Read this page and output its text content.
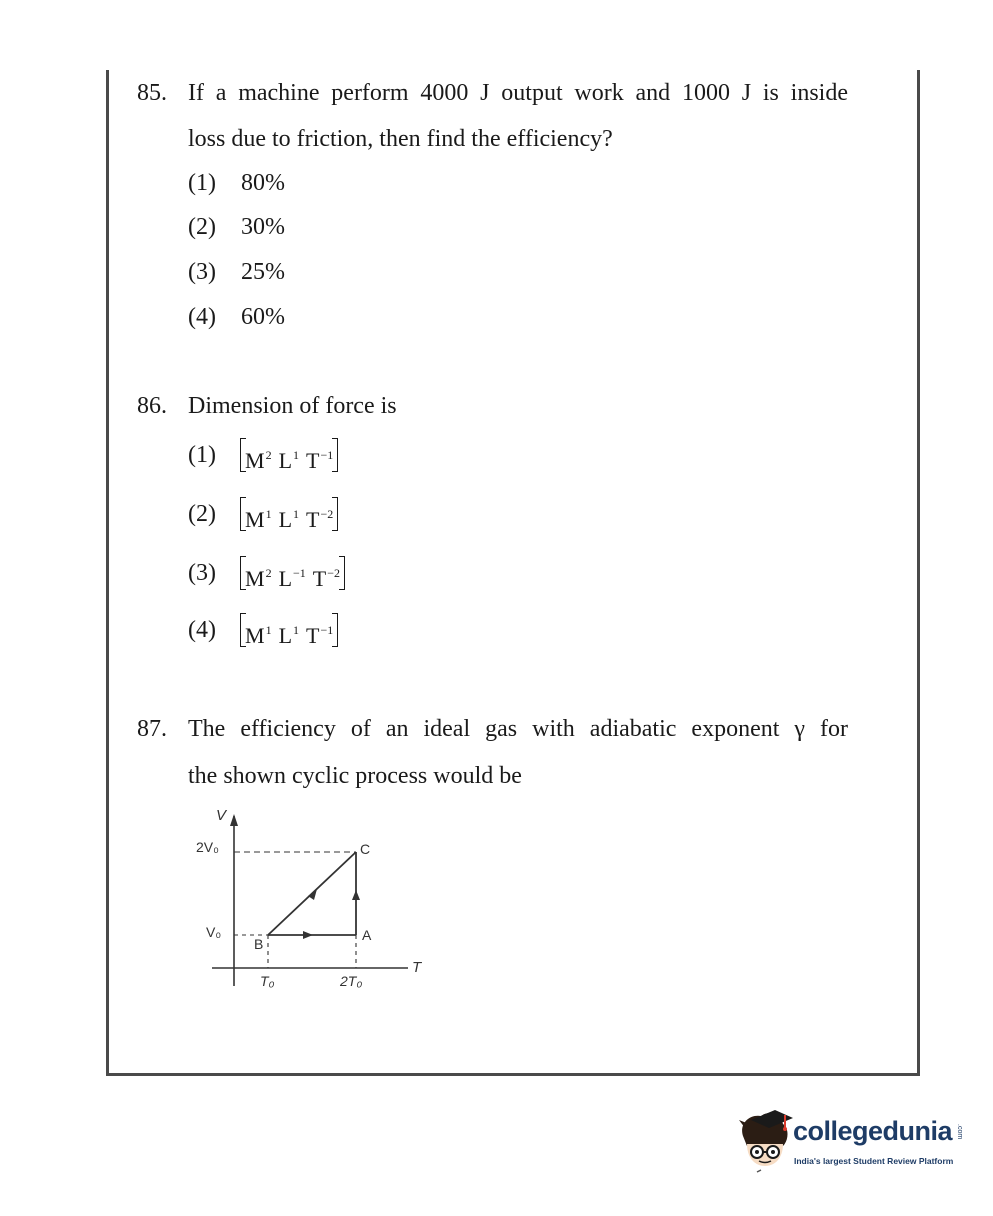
85. If a machine perform 4000 J output work and 1000 J is inside
loss due to friction, then find the efficiency?
(1) 80%
(2) 30%
(3) 25%
(4) 60%
86. Dimension of force is
(1) $M^2$ $L^1$ $T^{-1}$
(2) $M^1$ $L^1$ $T^{-2}$
(3) $M^2$ $L^{-1}$ $T^{-2}$
(4) $M^1$ $L^1$ $T^{-1}$
87. The efficiency of an ideal gas with adiabatic exponent γ for
the shown cyclic process would be
V
T
2V₀
V₀
T₀	2T₀
C
A
B
collegedunia .com
India's largest Student Review Platform
